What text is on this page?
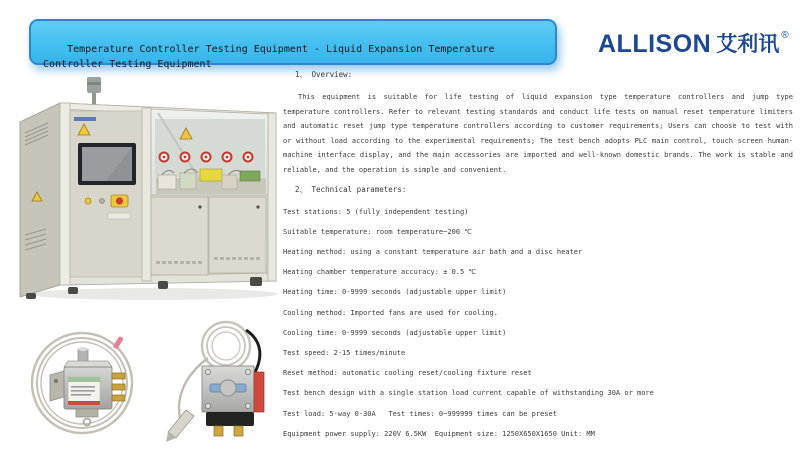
Temperature Controller Testing Equipment - Liquid Expansion Temperature Controller Testing Equipment

ALLISON 艾利讯 ®
1、 Overview:

This equipment is suitable for life testing of liquid expansion type temperature controllers and jump type temperature controllers. Refer to relevant testing standards and conduct life tests on manual reset temperature limiters and automatic reset jump type temperature controllers according to customer requirements; Users can choose to test with or without load according to the experimental requirements; The test bench adopts PLC main control, touch screen human-machine interface display, and the main accessories are imported and well-known domestic brands. The work is stable and reliable, and the operation is simple and convenient.

2、 Technical parameters:
Test stations: 5 (fully independent testing)
Suitable temperature: room temperature~200 ℃
Heating method: using a constant temperature air bath and a disc heater
Heating chamber temperature accuracy: ± 0.5 ℃
Heating time: 0-9999 seconds (adjustable upper limit)
Cooling method: Imported fans are used for cooling.
Cooling time: 0-9999 seconds (adjustable upper limit)
Test speed: 2-15 times/minute
Reset method: automatic cooling reset/cooling fixture reset
Test bench design with a single station load current capable of withstanding 30A or more
Test load: 5-way 0-30A   Test times: 0~999999 times can be preset
Equipment power supply: 220V 6.5KW  Equipment size: 1250X650X1650 Unit: MM
